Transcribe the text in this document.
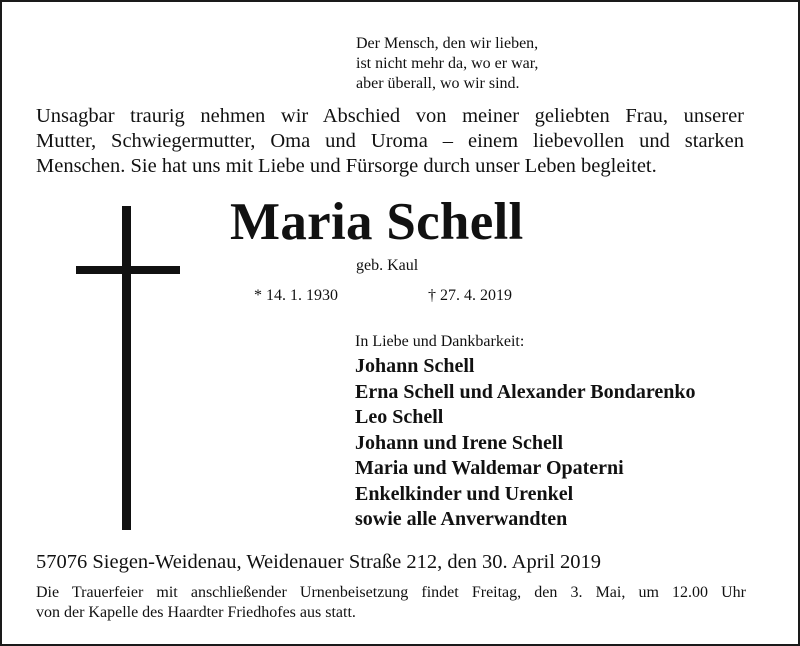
Der Mensch, den wir lieben,
ist nicht mehr da, wo er war,
aber überall, wo wir sind.
Unsagbar traurig nehmen wir Abschied von meiner geliebten Frau, unserer
Mutter, Schwiegermutter, Oma und Uroma – einem liebevollen und starken
Menschen. Sie hat uns mit Liebe und Fürsorge durch unser Leben begleitet.
Maria Schell
geb. Kaul
* 14. 1. 1930	† 27. 4. 2019
In Liebe und Dankbarkeit:
Johann Schell
Erna Schell und Alexander Bondarenko
Leo Schell
Johann und Irene Schell
Maria und Waldemar Opaterni
Enkelkinder und Urenkel
sowie alle Anverwandten
57076 Siegen-Weidenau, Weidenauer Straße 212, den 30. April 2019
Die Trauerfeier mit anschließender Urnenbeisetzung findet Freitag, den 3. Mai, um 12.00 Uhr
von der Kapelle des Haardter Friedhofes aus statt.
